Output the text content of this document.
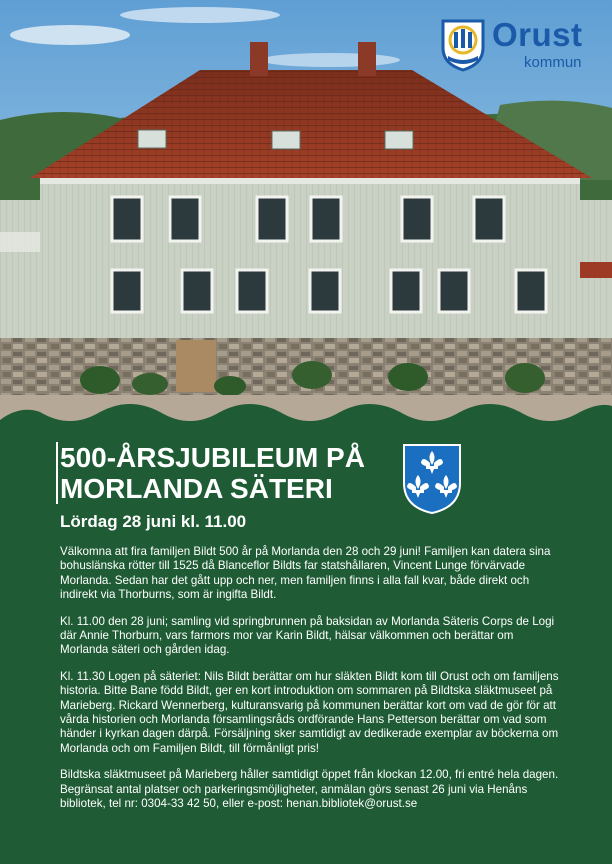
Orust
kommun
500-ÅRSJUBILEUM PÅ MORLANDA SÄTERI
Lördag 28 juni kl. 11.00

Välkomna att fira familjen Bildt 500 år på Morlanda den 28 och 29 juni! Familjen kan datera sina bohuslänska rötter till 1525 då Blanceflor Bildts far statshållaren, Vincent Lunge förvärvade Morlanda. Sedan har det gått upp och ner, men familjen finns i alla fall kvar, både direkt och indirekt via Thorburns, som är ingifta Bildt.

Kl. 11.00 den 28 juni; samling vid springbrunnen på baksidan av Morlanda Säteris Corps de Logi där Annie Thorburn, vars farmors mor var Karin Bildt, hälsar välkommen och berättar om Morlanda säteri och gården idag.

Kl. 11.30 Logen på säteriet: Nils Bildt berättar om hur släkten Bildt kom till Orust och om familjens historia. Bitte Bane född Bildt, ger en kort introduktion om sommaren på Bildtska släktmuseet på Marieberg. Rickard Wennerberg, kulturansvarig på kommunen berättar kort om vad de gör för att vårda historien och Morlanda församlingsråds ordförande Hans Petterson berättar om vad som händer i kyrkan dagen därpå. Försäljning sker samtidigt av dedikerade exemplar av böckerna om Morlanda och om Familjen Bildt, till förmånligt pris!

Bildtska släktmuseet på Marieberg håller samtidigt öppet från klockan 12.00, fri entré hela dagen. Begränsat antal platser och parkeringsmöjligheter, anmälan görs senast 26 juni via Henåns bibliotek, tel nr: 0304-33 42 50, eller e-post: henan.bibliotek@orust.se
